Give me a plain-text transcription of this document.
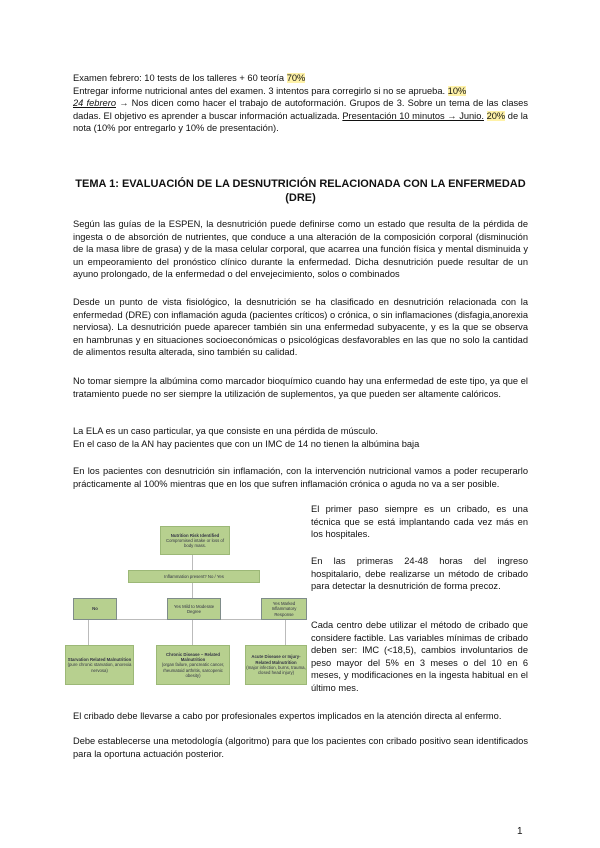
Examen febrero: 10 tests de los talleres + 60 teoría 70%
Entregar informe nutricional antes del examen. 3 intentos para corregirlo si no se aprueba. 10%
24 febrero → Nos dicen como hacer el trabajo de autoformación. Grupos de 3. Sobre un tema de las clases dadas. El objetivo es aprender a buscar información actualizada. Presentación 10 minutos → Junio. 20% de la nota (10% por entregarlo y 10% de presentación).
TEMA 1: EVALUACIÓN DE LA DESNUTRICIÓN RELACIONADA CON LA ENFERMEDAD (DRE)
Según las guías de la ESPEN, la desnutrición puede definirse como un estado que resulta de la pérdida de ingesta o de absorción de nutrientes, que conduce a una alteración de la composición corporal (disminución de la masa libre de grasa) y de la masa celular corporal, que acarrea una función física y mental disminuida y un empeoramiento del pronóstico clínico durante la enfermedad. Dicha desnutrición puede resultar de un ayuno prolongado, de la enfermedad o del envejecimiento, solos o combinados
Desde un punto de vista fisiológico, la desnutrición se ha clasificado en desnutrición relacionada con la enfermedad (DRE) con inflamación aguda (pacientes críticos) o crónica, o sin inflamaciones (disfagia,anorexia nerviosa). La desnutrición puede aparecer también sin una enfermedad subyacente, y es la que se observa en hambrunas y en situaciones socioeconómicas o psicológicas desfavorables en las que no solo la cantidad de alimentos resulta alterada, sino también su calidad.
No tomar siempre la albúmina como marcador bioquímico cuando hay una enfermedad de este tipo, ya que el tratamiento puede no ser siempre la utilización de suplementos, ya que pueden ser altamente calóricos.
La ELA es un caso particular, ya que consiste en una pérdida de músculo.
En el caso de la AN hay pacientes que con un IMC de 14 no tienen la albúmina baja
En los pacientes con desnutrición sin inflamación, con la intervención nutricional vamos a poder recuperarlo prácticamente al 100% mientras que en los que sufren inflamación crónica o aguda no va a ser posible.
Nutrition Risk Identified
Compromised intake or loss of body mass.
Inflammation present? No / Yes
No
Yes Mild to Moderate Degree
Yes Marked Inflammatory Response
Starvation Related Malnutrition
(pure chronic starvation, anorexia nervosa)
Chronic Disease – Related Malnutrition
(organ failure, pancreatic cancer, rheumatoid arthritis, sarcopenic obesity)
Acute Disease or Injury-Related Malnutrition
(major infection, burns, trauma, closed head injury)
El primer paso siempre es un cribado, es una técnica que se está implantando cada vez más en los hospitales.
En las primeras 24-48 horas del ingreso hospitalario, debe realizarse un método de cribado para detectar la desnutrición de forma precoz.
Cada centro debe utilizar el método de cribado que considere factible. Las variables mínimas de cribado deben ser: IMC (<18,5), cambios involuntarios de peso mayor del 5% en 3 meses o del 10 en 6 meses, y modificaciones en la ingesta habitual en el último mes.
El cribado debe llevarse a cabo por profesionales expertos implicados en la atención directa al enfermo.
Debe establecerse una metodología (algoritmo) para que los pacientes con cribado positivo sean identificados para la oportuna actuación posterior.
1
